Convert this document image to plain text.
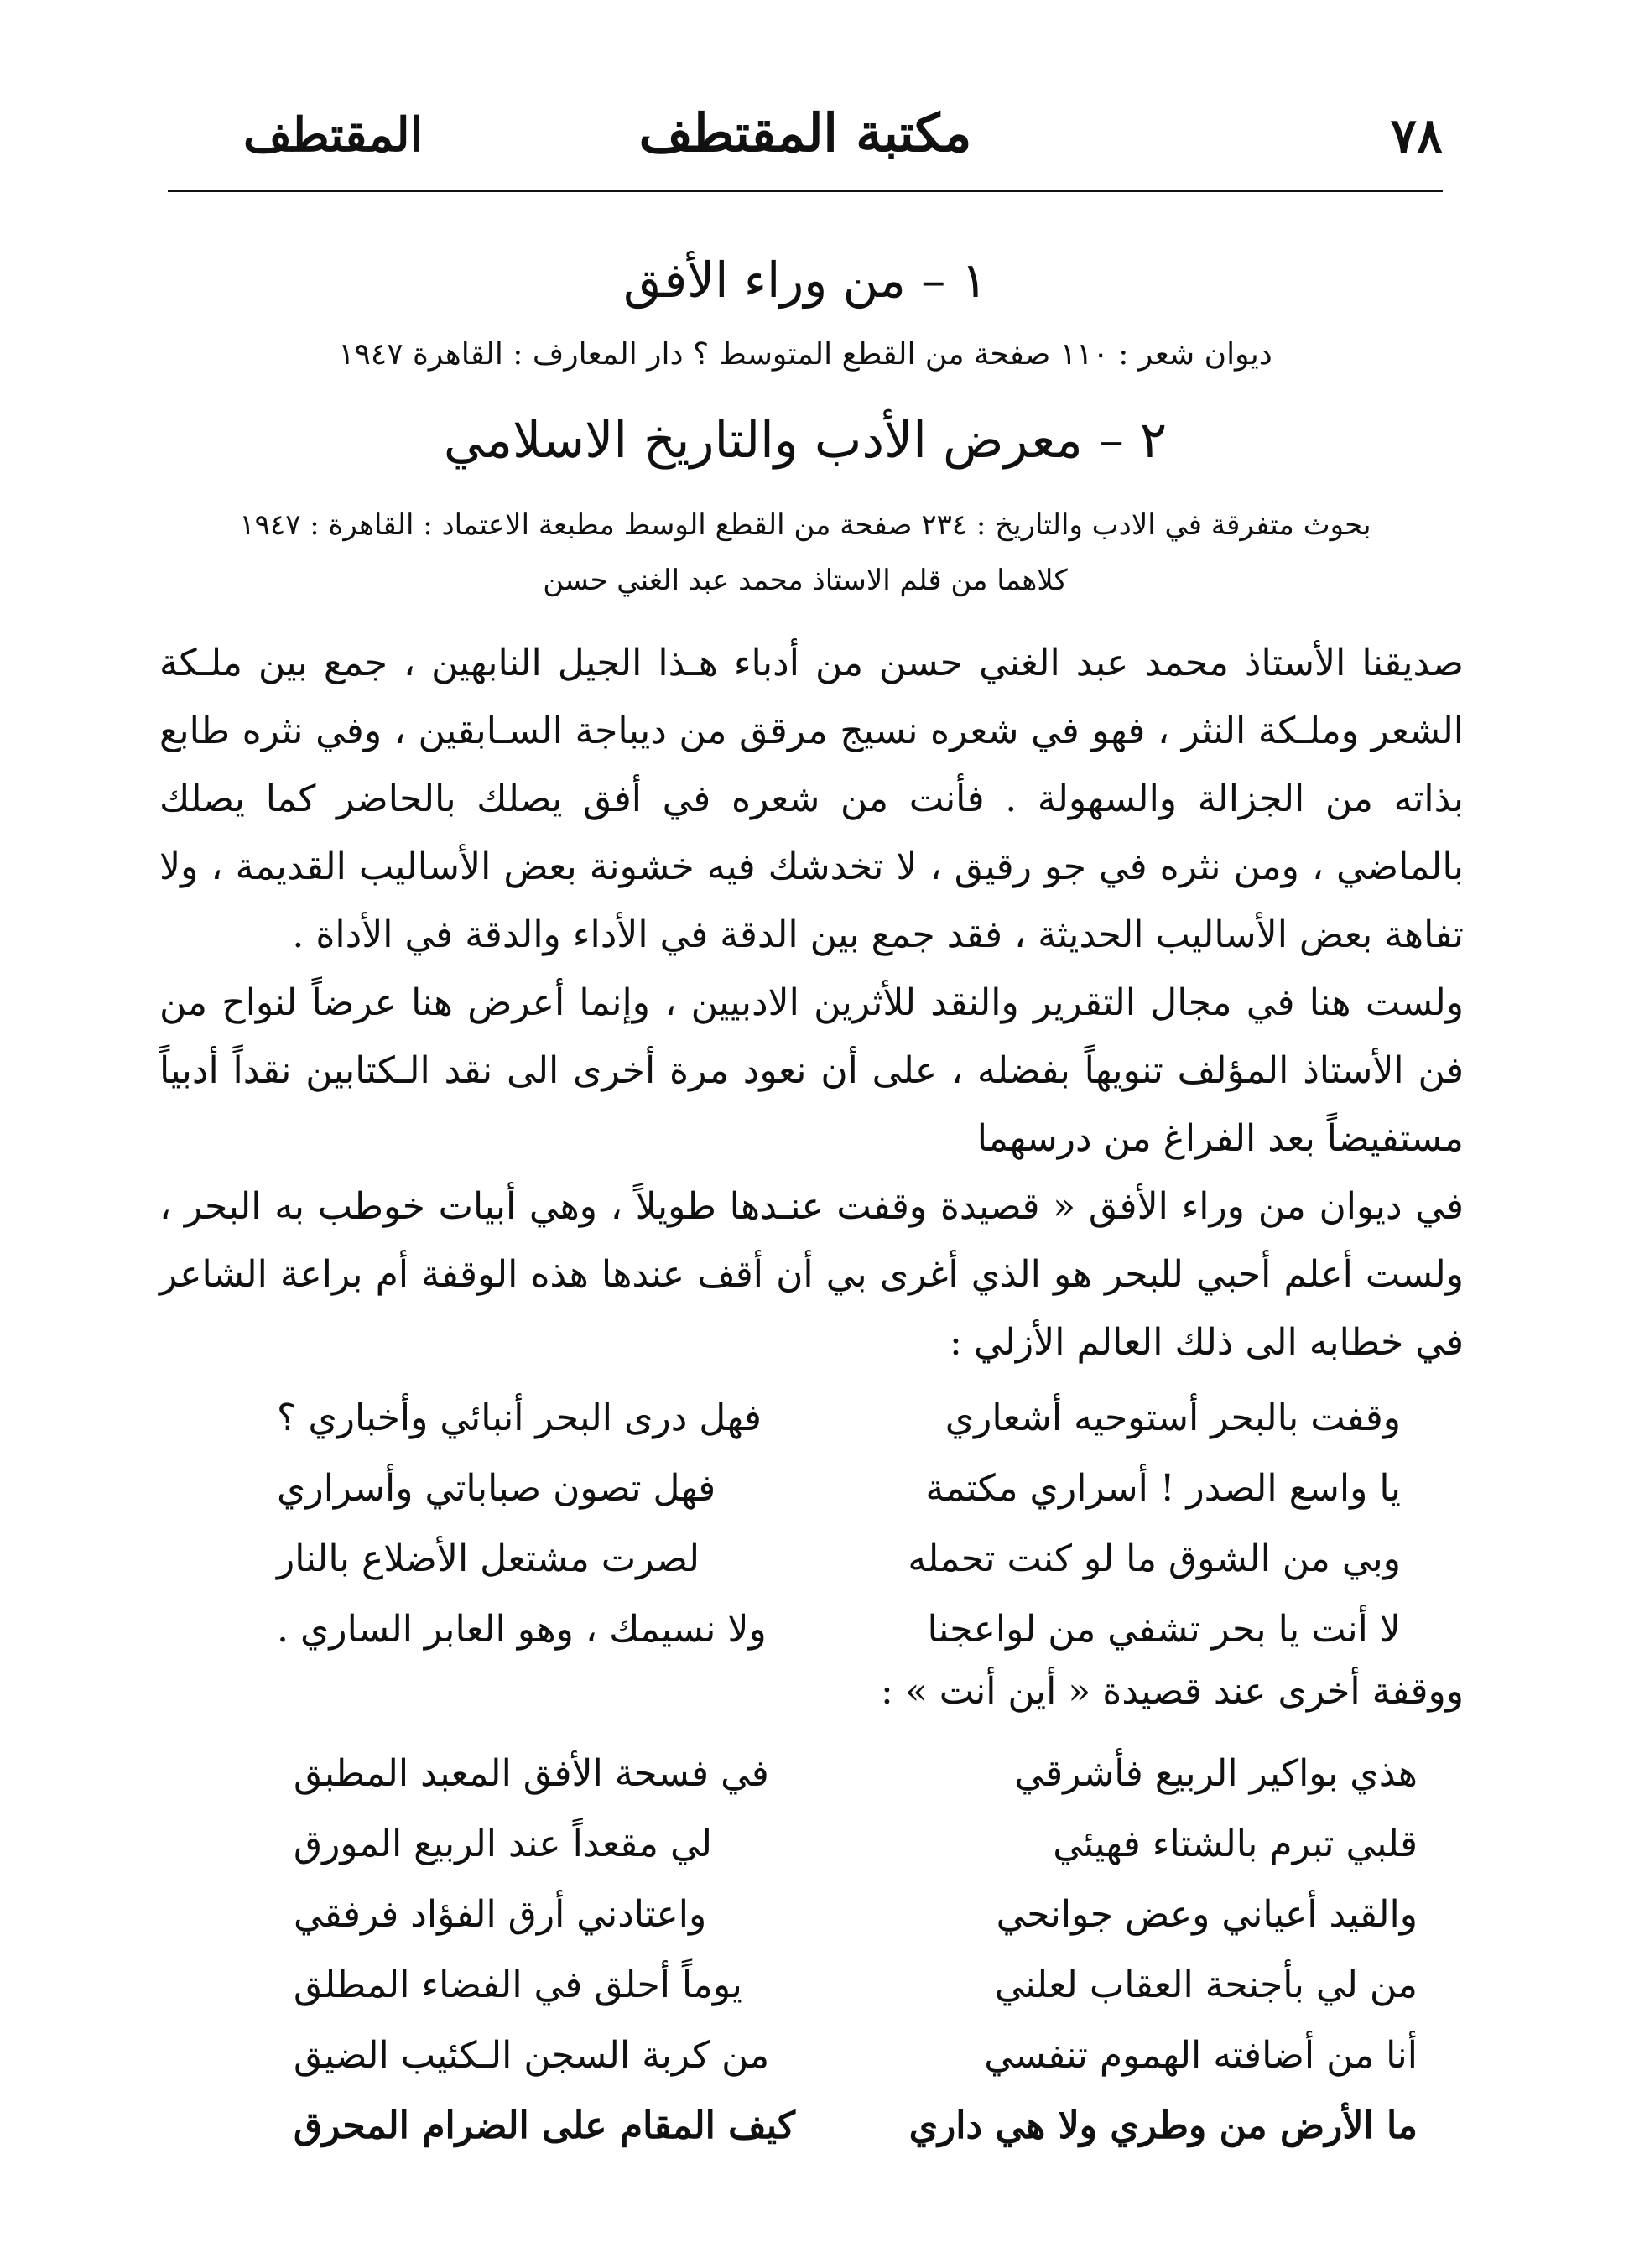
٧٨
مكتبة المقتطف
المقتطف
١ – من وراء الأفق
ديوان شعر : ١١٠ صفحة من القطع المتوسط ؟ دار المعارف : القاهرة ١٩٤٧
٢ – معرض الأدب والتاريخ الاسلامي
بحوث متفرقة في الادب والتاريخ : ٢٣٤ صفحة من القطع الوسط مطبعة الاعتماد : القاهرة : ١٩٤٧
كلاهما من قلم الاستاذ محمد عبد الغني حسن

صديقنا الأستاذ محمد عبد الغني حسن من أدباء هـذا الجيل النابهين ، جمع بين ملـكة الشعر وملـكة النثر ، فهو في شعره نسيج مرقق من ديباجة السـابقين ، وفي نثره طابع بذاته من الجزالة والسهولة . فأنت من شعره في أفق يصلك بالحاضر كما يصلك بالماضي ، ومن نثره في جو رقيق ، لا تخدشك فيه خشونة بعض الأساليب القديمة ، ولا تفاهة بعض الأساليب الحديثة ، فقد جمع بين الدقة في الأداء والدقة في الأداة .

ولست هنا في مجال التقرير والنقد للأثرين الادبيين ، وإنما أعرض هنا عرضاً لنواح من فن الأستاذ المؤلف تنويهاً بفضله ، على أن نعود مرة أخرى الى نقد الـكتابين نقداً أدبياً مستفيضاً بعد الفراغ من درسهما

في ديوان من وراء الأفق « قصيدة وقفت عنـدها طويلاً ، وهي أبيات خوطب به البحر ، ولست أعلم أحبي للبحر هو الذي أغرى بي أن أقف عندها هذه الوقفة أم براعة الشاعر في خطابه الى ذلك العالم الأزلي :

وقفت بالبحر أستوحيه أشعاري
فهل درى البحر أنبائي وأخباري ؟
يا واسع الصدر ! أسراري مكتمة
فهل تصون صباباتي وأسراري
وبي من الشوق ما لو كنت تحمله
لصرت مشتعل الأضلاع بالنار
لا أنت يا بحر تشفي من لواعجنا
ولا نسيمك ، وهو العابر الساري .
ووقفة أخرى عند قصيدة « أين أنت » :
هذي بواكير الربيع فأشرقي
في فسحة الأفق المعبد المطبق
قلبي تبرم بالشتاء فهيئي
لي مقعداً عند الربيع المورق
والقيد أعياني وعض جوانحي
واعتادني أرق الفؤاد فرفقي
من لي بأجنحة العقاب لعلني
يوماً أحلق في الفضاء المطلق
أنا من أضافته الهموم تنفسي
من كربة السجن الـكئيب الضيق
ما الأرض من وطري ولا هي داري
كيف المقام على الضرام المحرق
